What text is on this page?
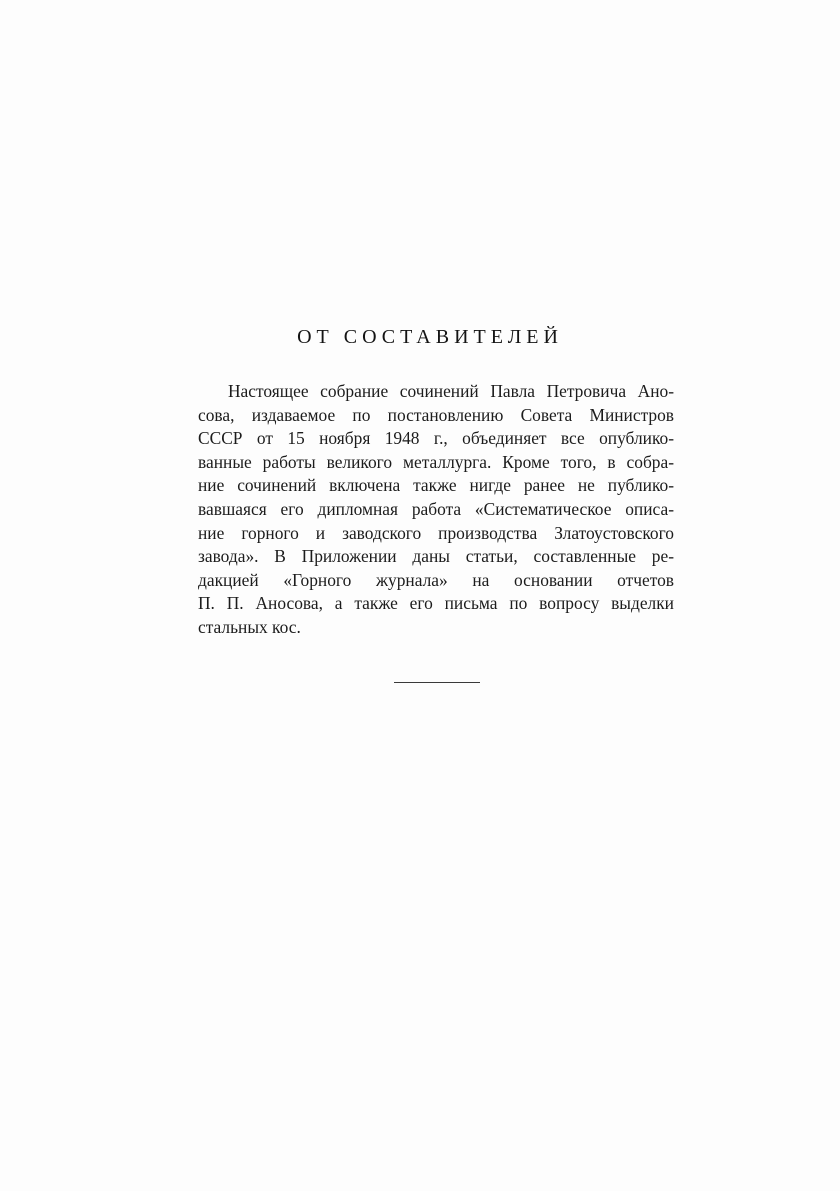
ОТ СОСТАВИТЕЛЕЙ
Настоящее собрание сочинений Павла Петровича Ано-
сова, издаваемое по постановлению Совета Министров
СССР от 15 ноября 1948 г., объединяет все опублико-
ванные работы великого металлурга. Кроме того, в собра-
ние сочинений включена также нигде ранее не публико-
вавшаяся его дипломная работа «Систематическое описа-
ние горного и заводского производства Златоустовского
завода». В Приложении даны статьи, составленные ре-
дакцией «Горного журнала» на основании отчетов
П. П. Аносова, а также его письма по вопросу выделки
стальных кос.
